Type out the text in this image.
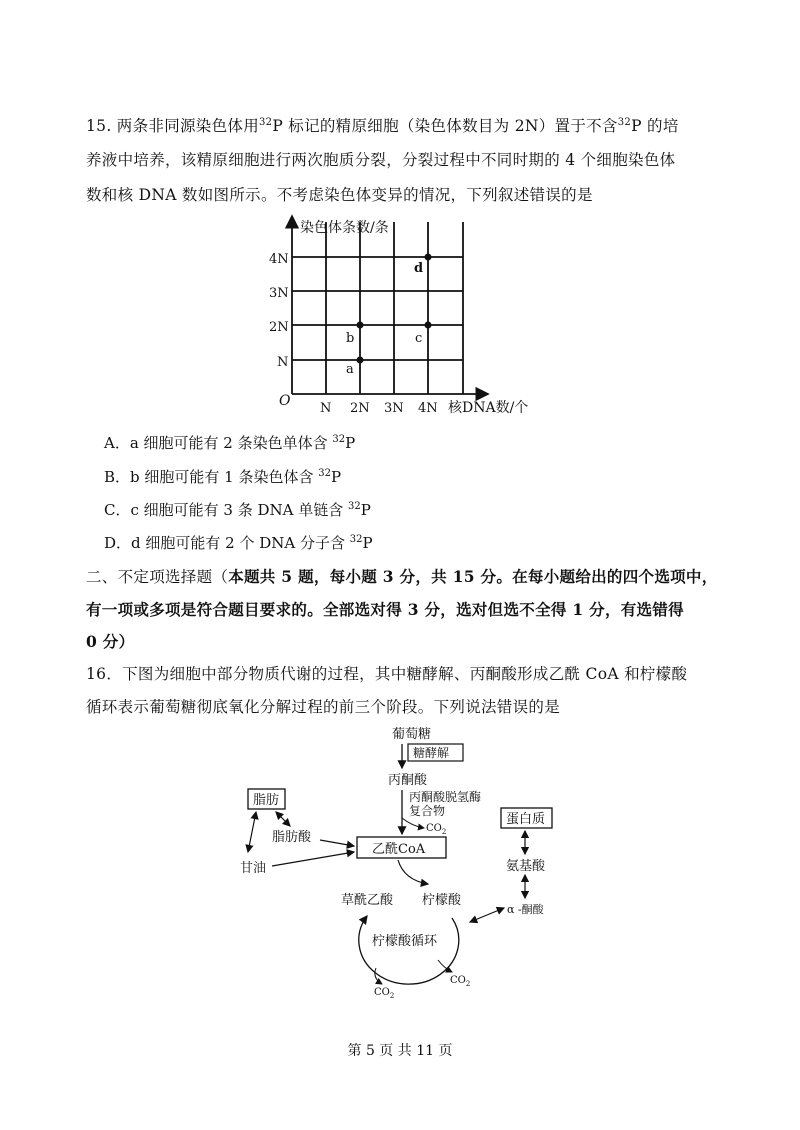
15. 两条非同源染色体用$^{32}$P 标记的精原细胞（染色体数目为 2N）置于不含$^{32}$P 的培
养液中培养，该精原细胞进行两次胞质分裂，分裂过程中不同时期的 4 个细胞染色体
数和核 DNA 数如图所示。不考虑染色体变异的情况，下列叙述错误的是
染色体条数/条
核DNA数/个
O
4N
3N
2N
N
N 2N 3N 4N
a
b	c
d
A．a 细胞可能有 2 条染色单体含 $^{32}$P
B．b 细胞可能有 1 条染色体含 $^{32}$P
C．c 细胞可能有 3 条 DNA 单链含 $^{32}$P
D．d 细胞可能有 2 个 DNA 分子含 $^{32}$P
二、不定项选择题（本题共 5 题，每小题 3 分，共 15 分。在每小题给出的四个选项中，
有一项或多项是符合题目要求的。全部选对得 3 分，选对但选不全得 1 分，有选错得
0 分）
16．下图为细胞中部分物质代谢的过程，其中糖酵解、丙酮酸形成乙酰 CoA 和柠檬酸
循环表示葡萄糖彻底氧化分解过程的前三个阶段。下列说法错误的是
葡萄糖
糖酵解
丙酮酸
丙酮酸脱氢酶
复合物
$CO_2$
乙酰CoA
脂肪
脂肪酸
甘油
蛋白质
氨基酸
α -酮酸
草酰乙酸 柠檬酸
柠檬酸循环
$CO_2$
$CO_2$
第 5 页 共 11 页
